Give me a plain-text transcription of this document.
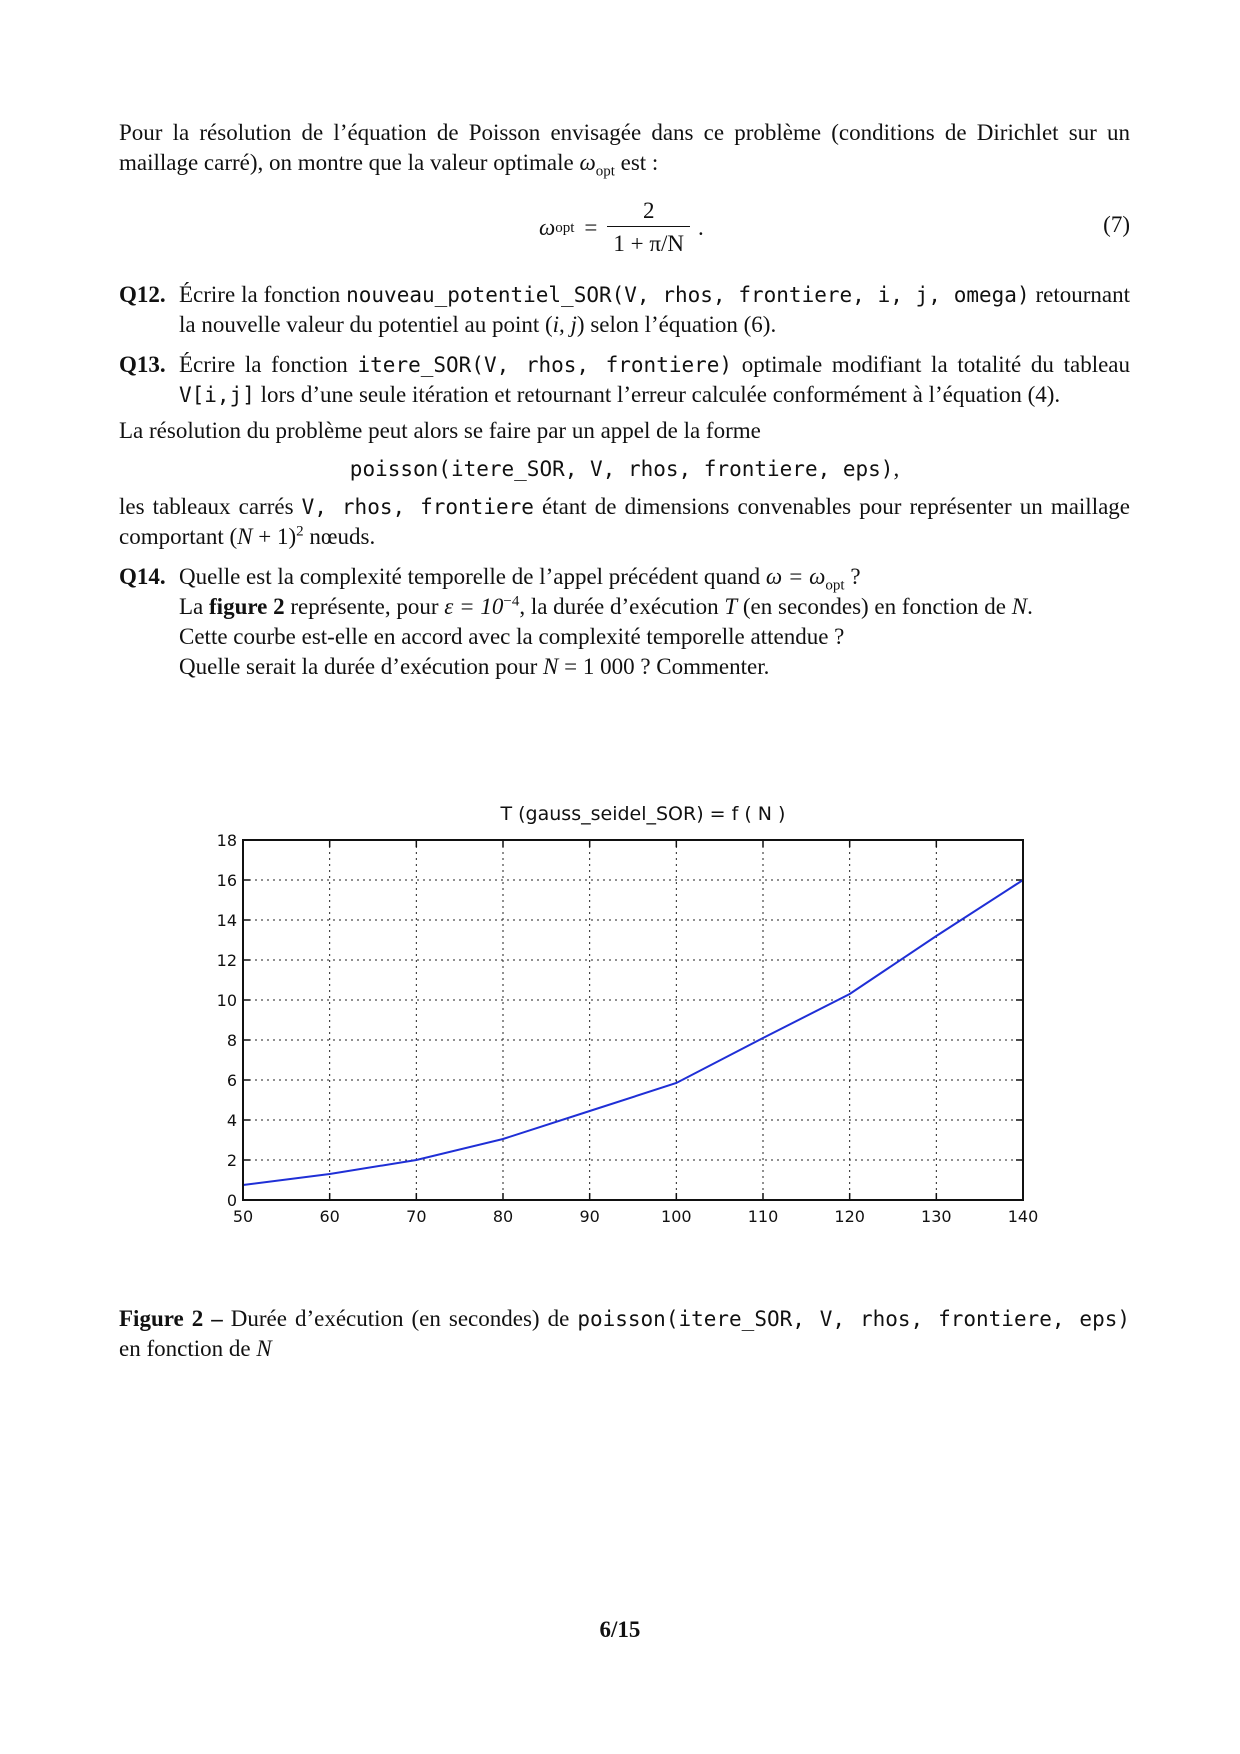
Pour la résolution de l’équation de Poisson envisagée dans ce problème (conditions de Dirichlet sur un maillage carré), on montre que la valeur optimale $\omega_{opt}$ est :

ω opt = $\frac{2}{1 + \pi/N}$ .	(7)
Q12. Écrire la fonction nouveau_potentiel_SOR(V, rhos, frontiere, i, j, omega) retournant la nouvelle valeur du potentiel au point (i, j) selon l’équation (6).
Q13. Écrire la fonction itere_SOR(V, rhos, frontiere) optimale modifiant la totalité du tableau V[i,j] lors d’une seule itération et retournant l’erreur calculée conformément à l’équation (4).

La résolution du problème peut alors se faire par un appel de la forme

poisson(itere_SOR, V, rhos, frontiere, eps),

les tableaux carrés V, rhos, frontiere étant de dimensions convenables pour représenter un maillage comportant $(N + 1)^2$ nœuds.

Q14. Quelle est la complexité temporelle de l’appel précédent quand $\omega = \omega_{opt}$ ?
La figure 2 représente, pour $\varepsilon = 10^{-4}$, la durée d’exécution T (en secondes) en fonction de N.
Cette courbe est-elle en accord avec la complexité temporelle attendue ?
Quelle serait la durée d’exécution pour N = 1 000 ? Commenter.
T (gauss_seidel_SOR) = f ( N )
50	60	70	80	90	100	110	120	130	140
0
2
4
6
8
10
12
14
16
18
Figure 2 – Durée d’exécution (en secondes) de poisson(itere_SOR, V, rhos, frontiere, eps) en fonction de N
6/15
